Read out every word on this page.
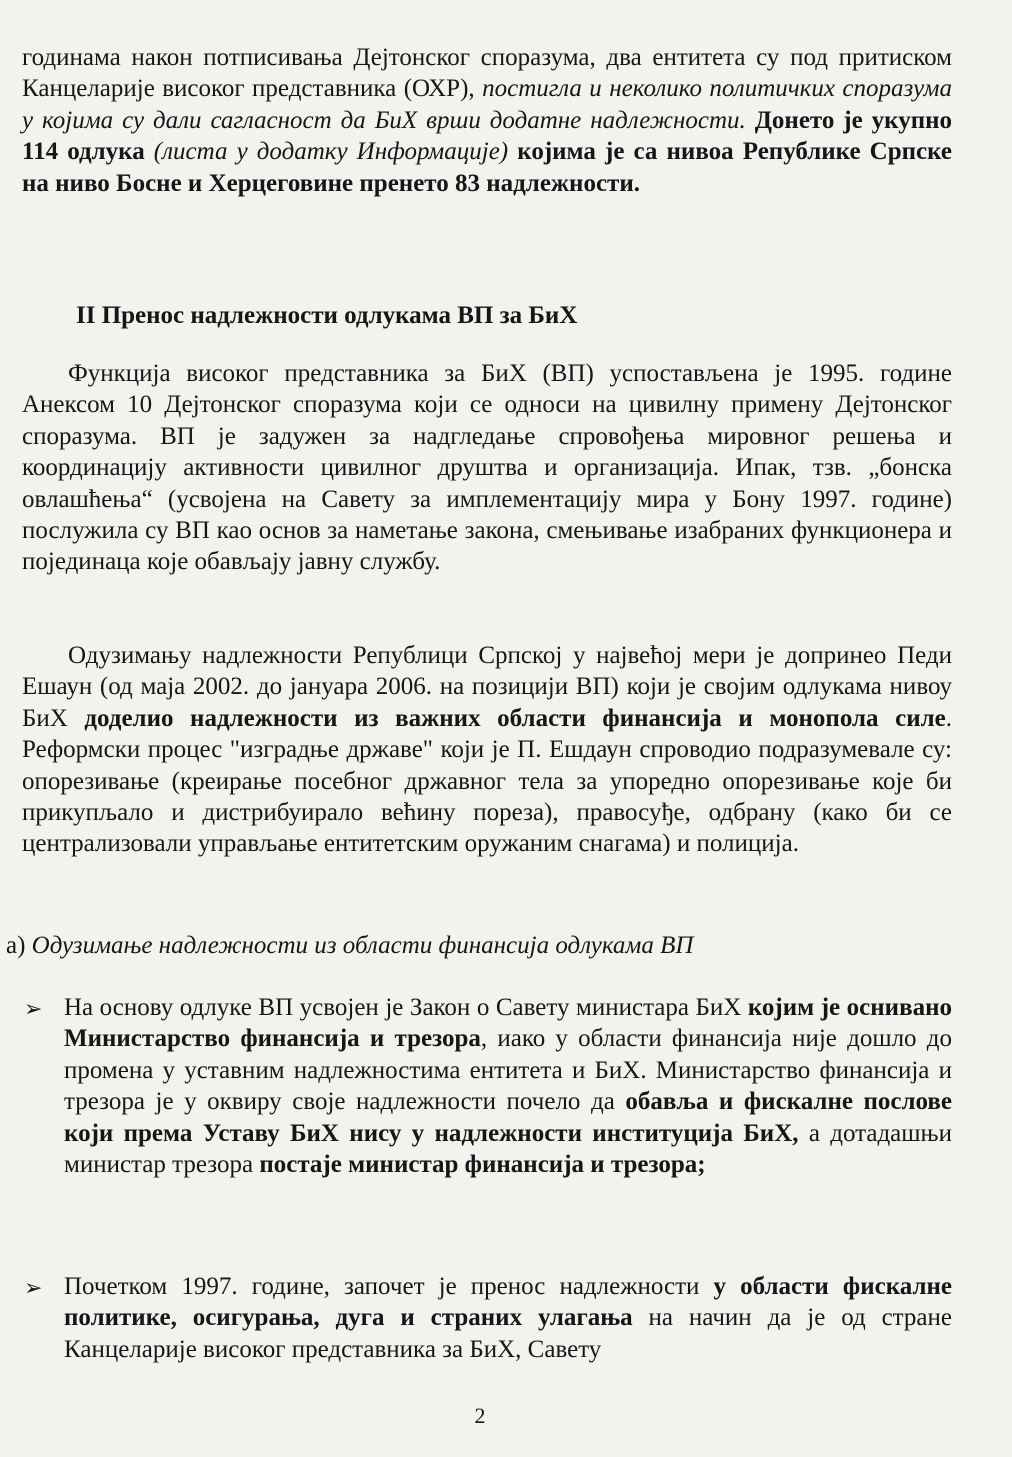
годинама након потписивања Дејтонског споразума, два ентитета су под притиском Канцеларије високог представника (ОХР), постигла и неколико политичких споразума у којима су дали сагласност да БиХ врши додатне надлежности. Донето је укупно 114 одлука (листа у додатку Информације) којима је са нивоа Републике Српске на ниво Босне и Херцеговине пренето 83 надлежности.

II Пренос надлежности одлукама ВП за БиХ

Функција високог представника за БиХ (ВП) успостављена је 1995. године Анексом 10 Дејтонског споразума који се односи на цивилну примену Дејтонског споразума. ВП је задужен за надгледање спровођења мировног решења и координацију активности цивилног друштва и организација. Ипак, тзв. „бонска овлашћења“ (усвојена на Савету за имплементацију мира у Бону 1997. године) послужила су ВП као основ за наметање закона, смењивање изабраних функционера и појединаца које обављају јавну службу.

Одузимању надлежности Републици Српској у највећој мери је допринео Педи Ешаун (од маја 2002. до јануара 2006. на позицији ВП) који је својим одлукама нивоу БиХ доделио надлежности из важних области финансија и монопола силе. Реформски процес "изградње државе" који је П. Ешдаун спроводио подразумевале су: опорезивање (креирање посебног државног тела за упоредно опорезивање које би прикупљало и дистрибуирало већину пореза), правосуђе, одбрану (како би се централизовали управљање ентитетским оружаним снагама) и полиција.

а) Одузимање надлежности из области финансија одлукама ВП
➢ На основу одлуке ВП усвојен је Закон о Савету министара БиХ којим је оснивано Министарство финансија и трезора, иако у области финансија није дошло до промена у уставним надлежностима ентитета и БиХ. Министарство финансија и трезора је у оквиру своје надлежности почело да обавља и фискалне послове који према Уставу БиХ нису у надлежности институција БиХ, а дотадашњи министар трезора постаје министар финансија и трезора;

➢ Почетком 1997. године, започет је пренос надлежности у области фискалне политике, осигурања, дуга и страних улагања на начин да је од стране Канцеларије високог представника за БиХ, Савету

2
